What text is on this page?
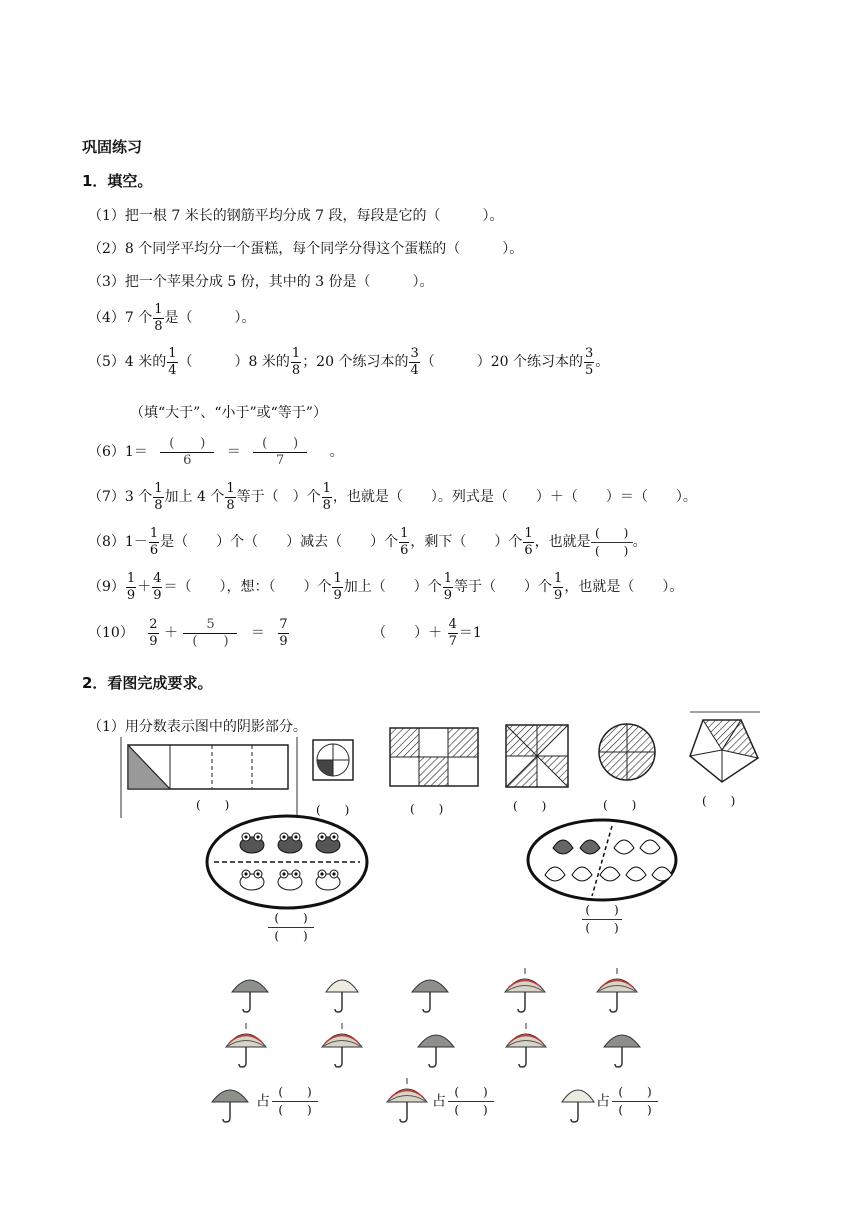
巩固练习
1．填空。
（1）把一根 7 米长的钢筋平均分成 7 段，每段是它的（　　　）。
（2）8 个同学平均分一个蛋糕，每个同学分得这个蛋糕的（　　　）。
（3）把一个苹果分成 5 份，其中的 3 份是（　　　）。
（4）7 个 $\frac{1}{8}$ 是（　　　）。
（5）4 米的 $\frac{1}{4}$ （　　　）8 米的 $\frac{1}{8}$ ；20 个练习本的 $\frac{3}{4}$ （　　　）20 个练习本的 $\frac{3}{5}$ 。
（填“大于”、“小于”或“等于”）
$(6)1= \frac{( )}{6} = \frac{( )}{7}$ 。
（7）3 个 $\frac{1}{8}$ 加上 4 个 $\frac{1}{8}$ 等于（　）个 $\frac{1}{8}$ ，也就是（　　）。列式是（　　）＋（　　）＝（　　）。
$(8)1- \frac{1}{6}$ 是（　　）个（　　）减去（　　）个 $\frac{1}{6}$ ，剩下（　　）个 $\frac{1}{6}$ ，也就是 $\frac{( )}{( )}$ 。
$(9) \frac{1}{9} + \frac{4}{9}$ ＝（　　），想：（　　）个 $\frac{1}{9}$ 加上（　　）个 $\frac{1}{9}$ 等于（　　）个 $\frac{1}{9}$ ，也就是（　　）。
$(10) \frac{2}{9} + \frac{5}{( )} = \frac{7}{9}$	（　　）＋ $\frac{4}{7} =1$
2．看图完成要求。
（1）用分数表示图中的阴影部分。
(　　)	(　　)	(　　)	(　　)	(　　)	(　　)
(　　)
(　　)
(　　)
(　　)
占 $\frac{( )}{( )}$	占 $\frac{( )}{( )}$	占 $\frac{( )}{( )}$
